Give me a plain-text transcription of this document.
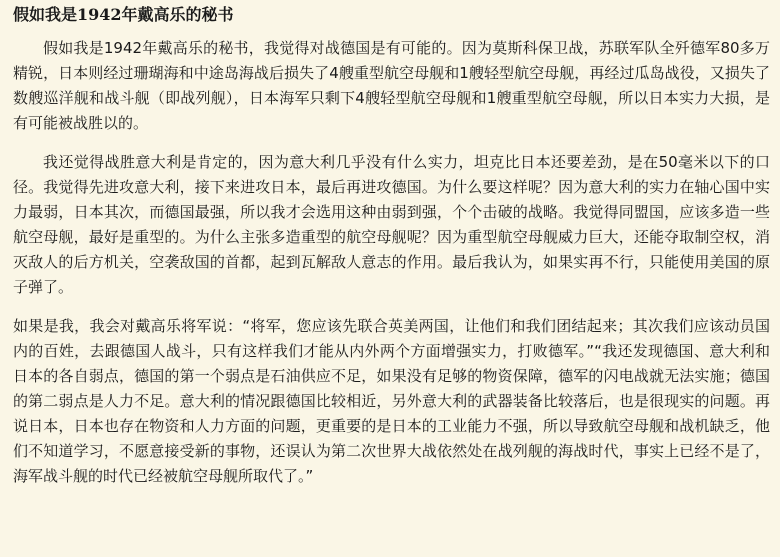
假如我是1942年戴高乐的秘书

假如我是1942年戴高乐的秘书，我觉得对战德国是有可能的。因为莫斯科保卫战，苏联军队全歼德军80多万精锐，日本则经过珊瑚海和中途岛海战后损失了4艘重型航空母舰和1艘轻型航空母舰，再经过瓜岛战役，又损失了数艘巡洋舰和战斗舰（即战列舰），日本海军只剩下4艘轻型航空母舰和1艘重型航空母舰，所以日本实力大损，是有可能被战胜以的。

我还觉得战胜意大利是肯定的，因为意大利几乎没有什么实力，坦克比日本还要差劲，是在50毫米以下的口径。我觉得先进攻意大利，接下来进攻日本，最后再进攻德国。为什么要这样呢？因为意大利的实力在轴心国中实力最弱，日本其次，而德国最强，所以我才会选用这种由弱到强，个个击破的战略。我觉得同盟国，应该多造一些航空母舰，最好是重型的。为什么主张多造重型的航空母舰呢？因为重型航空母舰威力巨大，还能夺取制空权，消灭敌人的后方机关，空袭敌国的首都，起到瓦解敌人意志的作用。最后我认为，如果实再不行，只能使用美国的原子弹了。

如果是我，我会对戴高乐将军说：“将军，您应该先联合英美两国，让他们和我们团结起来；其次我们应该动员国内的百姓，去跟德国人战斗，只有这样我们才能从内外两个方面增强实力，打败德军。”“我还发现德国、意大利和日本的各自弱点，德国的第一个弱点是石油供应不足，如果没有足够的物资保障，德军的闪电战就无法实施；德国的第二弱点是人力不足。意大利的情况跟德国比较相近，另外意大利的武器装备比较落后，也是很现实的问题。再说日本，日本也存在物资和人力方面的问题，更重要的是日本的工业能力不强，所以导致航空母舰和战机缺乏，他们不知道学习，不愿意接受新的事物，还误认为第二次世界大战依然处在战列舰的海战时代，事实上已经不是了，海军战斗舰的时代已经被航空母舰所取代了。”
